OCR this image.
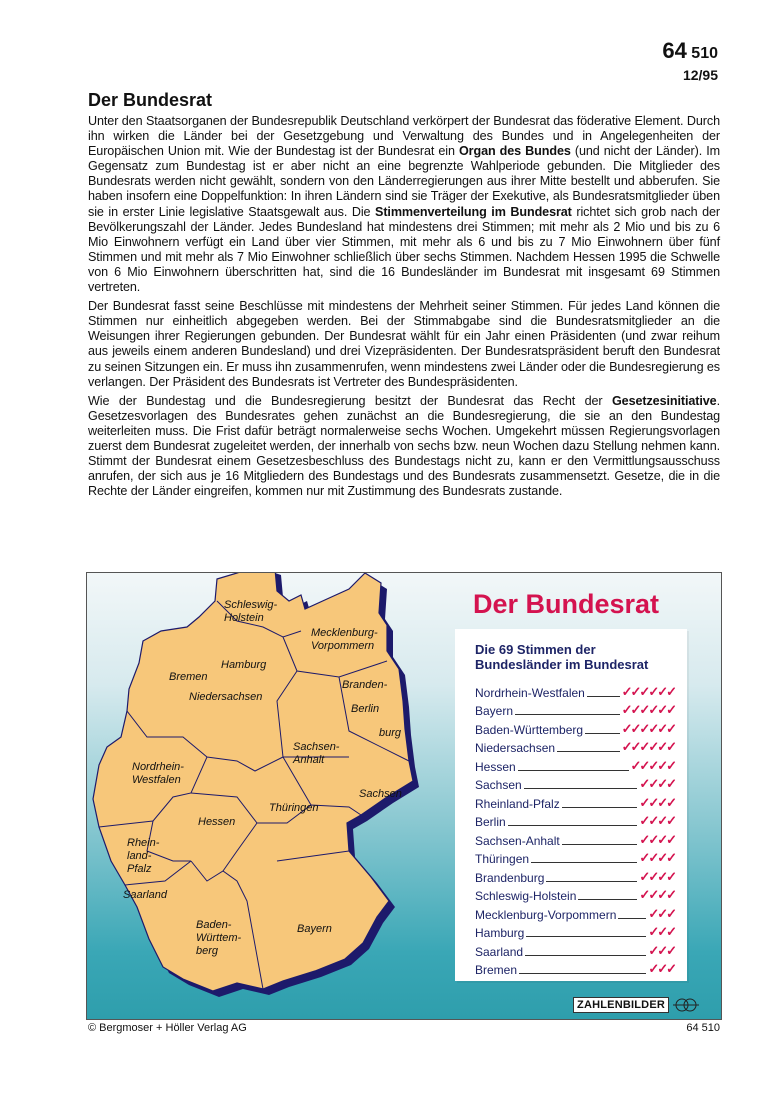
64 510
12/95
Der Bundesrat

Unter den Staatsorganen der Bundesrepublik Deutschland verkörpert der Bundesrat das föderative Element. Durch ihn wirken die Länder bei der Gesetzgebung und Verwaltung des Bundes und in Angelegenheiten der Europäischen Union mit. Wie der Bundestag ist der Bundesrat ein Organ des Bundes (und nicht der Länder). Im Gegensatz zum Bundestag ist er aber nicht an eine begrenzte Wahlperiode gebunden. Die Mitglieder des Bundesrats werden nicht gewählt, sondern von den Länderregierungen aus ihrer Mitte bestellt und abberufen. Sie haben insofern eine Doppelfunktion: In ihren Ländern sind sie Träger der Exekutive, als Bundesratsmitglieder üben sie in erster Linie legislative Staatsgewalt aus. Die Stimmenverteilung im Bundesrat richtet sich grob nach der Bevölkerungszahl der Länder. Jedes Bundesland hat mindestens drei Stimmen; mit mehr als 2 Mio und bis zu 6 Mio Einwohnern verfügt ein Land über vier Stimmen, mit mehr als 6 und bis zu 7 Mio Einwohnern über fünf Stimmen und mit mehr als 7 Mio Einwohner schließlich über sechs Stimmen. Nachdem Hessen 1995 die Schwelle von 6 Mio Einwohnern überschritten hat, sind die 16 Bundesländer im Bundesrat mit insgesamt 69 Stimmen vertreten.

Der Bundesrat fasst seine Beschlüsse mit mindestens der Mehrheit seiner Stimmen. Für jedes Land können die Stimmen nur einheitlich abgegeben werden. Bei der Stimmabgabe sind die Bundesratsmitglieder an die Weisungen ihrer Regierungen gebunden. Der Bundesrat wählt für ein Jahr einen Präsidenten (und zwar reihum aus jeweils einem anderen Bundesland) und drei Vizepräsidenten. Der Bundesratspräsident beruft den Bundesrat zu seinen Sitzungen ein. Er muss ihn zusammenrufen, wenn mindestens zwei Länder oder die Bundesregierung es verlangen. Der Präsident des Bundesrats ist Vertreter des Bundespräsidenten.

Wie der Bundestag und die Bundesregierung besitzt der Bundesrat das Recht der Gesetzesinitiative. Gesetzesvorlagen des Bundesrates gehen zunächst an die Bundesregierung, die sie an den Bundestag weiterleiten muss. Die Frist dafür beträgt normalerweise sechs Wochen. Umgekehrt müssen Regierungsvorlagen zuerst dem Bundesrat zugeleitet werden, der innerhalb von sechs bzw. neun Wochen dazu Stellung nehmen kann. Stimmt der Bundesrat einem Gesetzesbeschluss des Bundestags nicht zu, kann er den Vermittlungsausschuss anrufen, der sich aus je 16 Mitgliedern des Bundestags und des Bundesrats zusammensetzt. Gesetze, die in die Rechte der Länder eingreifen, kommen nur mit Zustimmung des Bundesrats zustande.

Schleswig-
Holstein
Mecklenburg-
Vorpommern
Hamburg
Bremen
Niedersachsen
Branden-
Berlin
burg
Sachsen-
Anhalt
Nordrhein-
Westfalen
Sachsen
Thüringen
Hessen
Rhein-
land-
Pfalz
Saarland
Baden-
Württem-
berg
Bayern
Der Bundesrat
Die 69 Stimmen der
Bundesländer im Bundesrat
Nordrhein-Westfalen	✓✓✓✓✓✓
Bayern	✓✓✓✓✓✓
Baden-Württemberg	✓✓✓✓✓✓
Niedersachsen	✓✓✓✓✓✓
Hessen	✓✓✓✓✓
Sachsen	✓✓✓✓
Rheinland-Pfalz	✓✓✓✓
Berlin	✓✓✓✓
Sachsen-Anhalt	✓✓✓✓
Thüringen	✓✓✓✓
Brandenburg	✓✓✓✓
Schleswig-Holstein	✓✓✓✓
Mecklenburg-Vorpommern ✓✓✓
Hamburg	✓✓✓
Saarland	✓✓✓
Bremen	✓✓✓
ZAHLENBILDER
© Bergmoser + Höller Verlag AG	64 510
